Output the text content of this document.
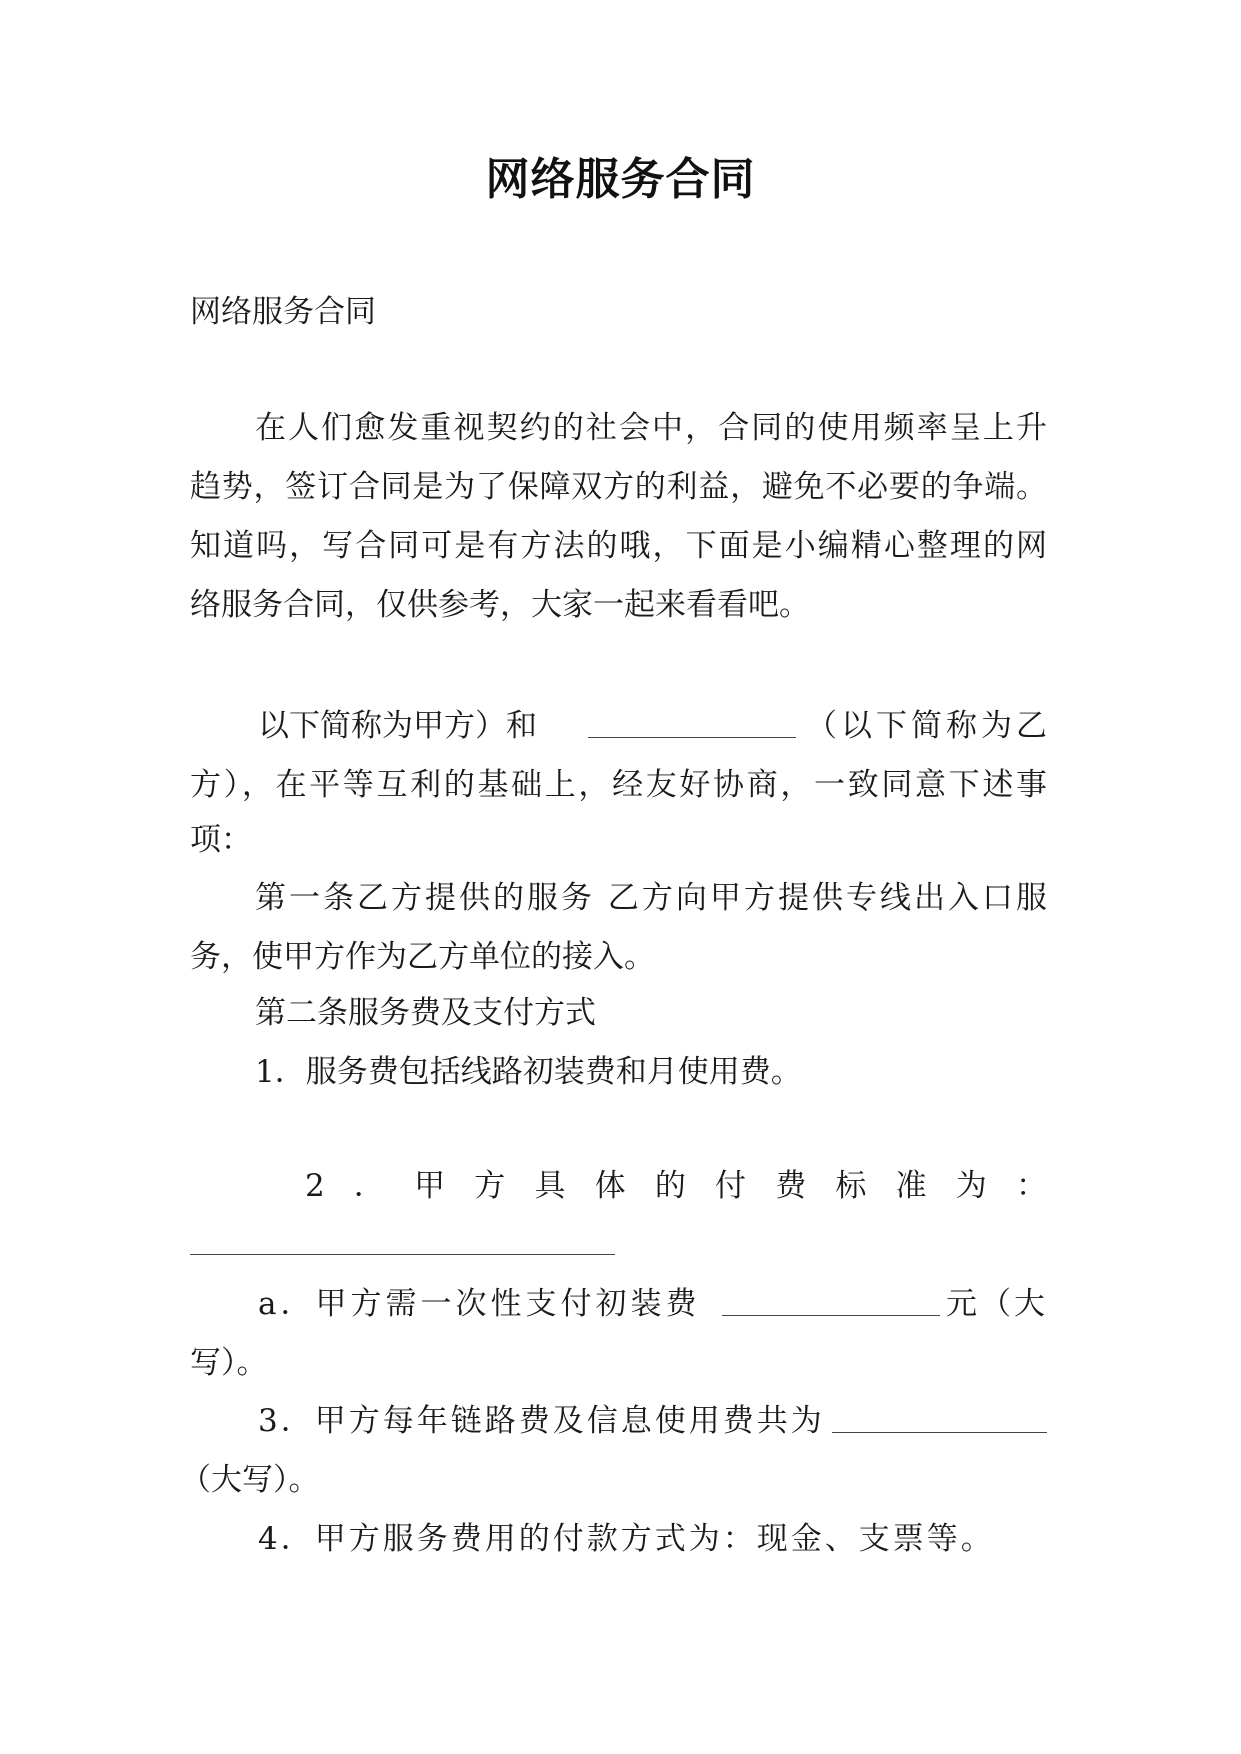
网络服务合同
网络服务合同
在人们愈发重视契约的社会中，合同的使用频率呈上升
趋势，签订合同是为了保障双方的利益，避免不必要的争端。
知道吗，写合同可是有方法的哦，下面是小编精心整理的网
络服务合同，仅供参考，大家一起来看看吧。
以下简称为甲方）和	（以下简称为乙
方），在平等互利的基础上，经友好协商，一致同意下述事
项：
第一条乙方提供的服务 乙方向甲方提供专线出入口服
务，使甲方作为乙方单位的接入。
第二条服务费及支付方式
1．服务费包括线路初装费和月使用费。
2．甲方具体的付费标准为：
a．甲方需一次性支付初装费	元（大
写）。
3．甲方每年链路费及信息使用费共为
（大写）。
4．甲方服务费用的付款方式为：现金、支票等。
